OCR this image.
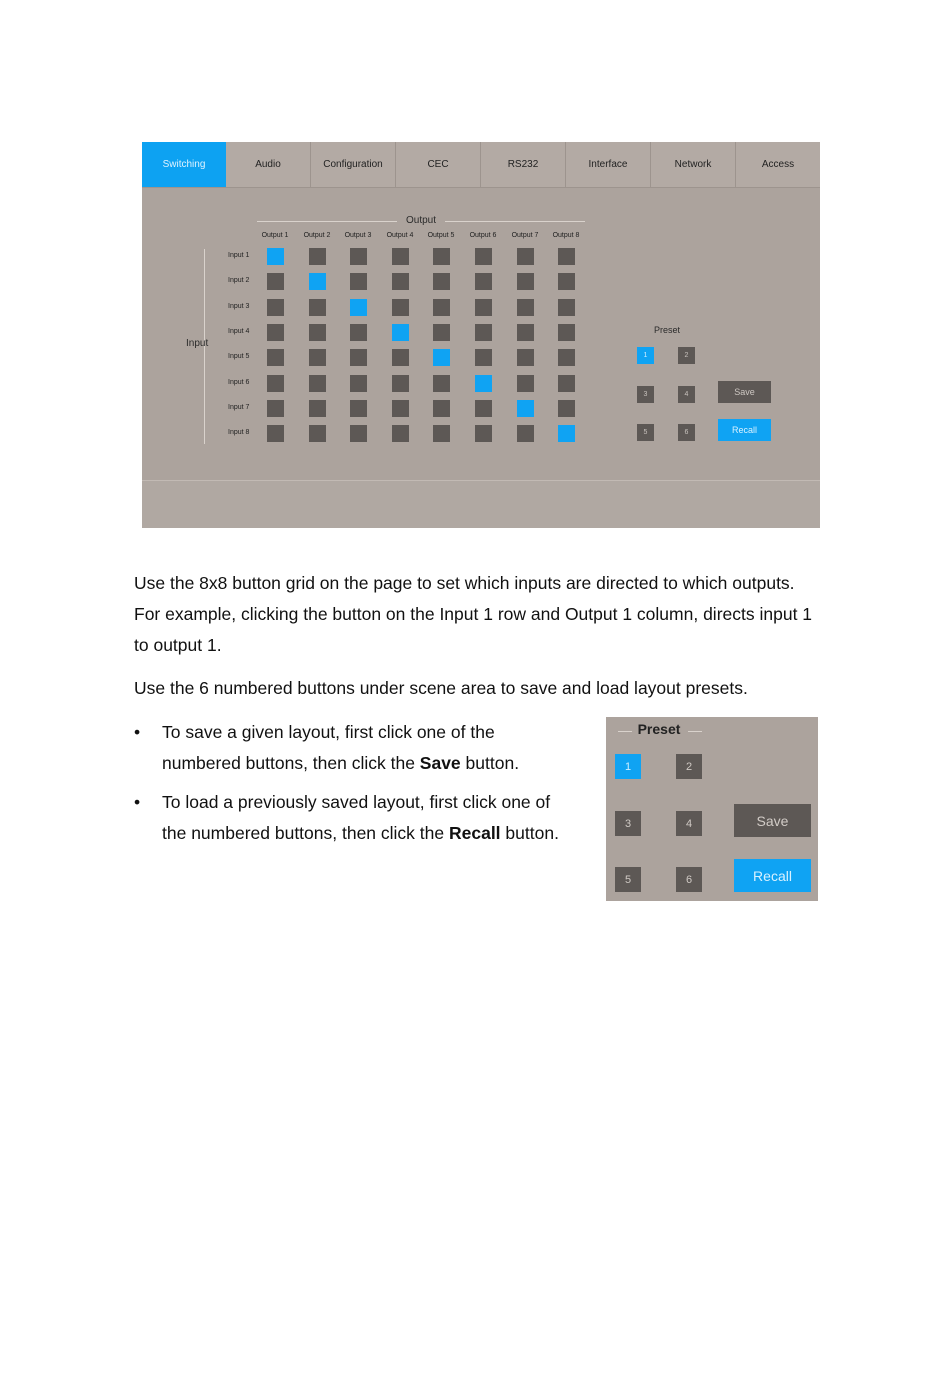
Switching	Audio	Configuration	CEC	RS232	Interface	Network	Access
Output
Output 1	Output 2	Output 3	Output 4	Output 5	Output 6	Output 7	Output 8
Input
Input 1
Input 2
Input 3
Input 4
Input 5
Input 6
Input 7
Input 8
Preset
1	2
3	4
5	6
Save
Recall
Use the 8x8 button grid on the page to set which inputs are directed to which outputs.
For example, clicking the button on the Input 1 row and Output 1 column, directs input 1
to output 1.
Use the 6 numbered buttons under scene area to save and load layout presets.
• To save a given layout, first click one of the
numbered buttons, then click the Save button.
• To load a previously saved layout, first click one of
the numbered buttons, then click the Recall button.
Preset
1	2
3	4
5	6
Save
Recall
